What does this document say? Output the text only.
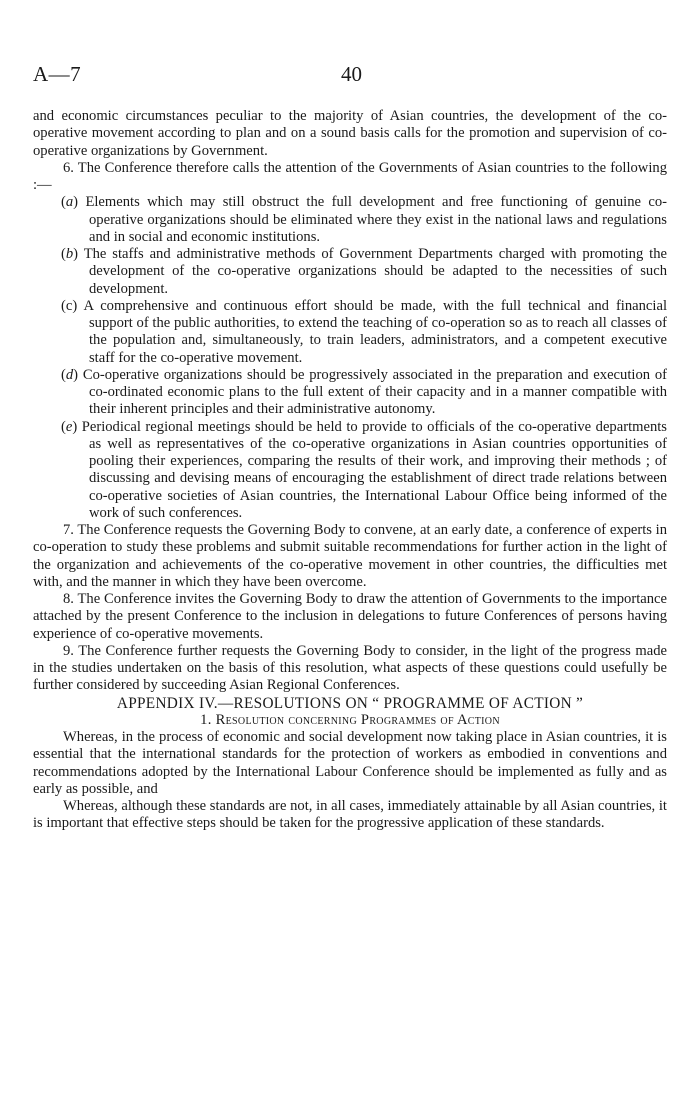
A—7	40

and economic circumstances peculiar to the majority of Asian countries, the development of the co-operative movement according to plan and on a sound basis calls for the promotion and supervision of co-operative organizations by Government.

6. The Conference therefore calls the attention of the Governments of Asian countries to the following :—

(a) Elements which may still obstruct the full development and free functioning of genuine co-operative organizations should be eliminated where they exist in the national laws and regulations and in social and economic institutions.

(b) The staffs and administrative methods of Government Departments charged with promoting the development of the co-operative organizations should be adapted to the necessities of such development.

(c) A comprehensive and continuous effort should be made, with the full technical and financial support of the public authorities, to extend the teaching of co-operation so as to reach all classes of the population and, simultaneously, to train leaders, administrators, and a competent executive staff for the co-operative movement.

(d) Co-operative organizations should be progressively associated in the preparation and execution of co-ordinated economic plans to the full extent of their capacity and in a manner compatible with their inherent principles and their administrative autonomy.

(e) Periodical regional meetings should be held to provide to officials of the co-operative departments as well as representatives of the co-operative organizations in Asian countries opportunities of pooling their experiences, comparing the results of their work, and improving their methods ; of discussing and devising means of encouraging the establishment of direct trade relations between co-operative societies of Asian countries, the International Labour Office being informed of the work of such conferences.

7. The Conference requests the Governing Body to convene, at an early date, a conference of experts in co-operation to study these problems and submit suitable recommendations for further action in the light of the organization and achievements of the co-operative movement in other countries, the difficulties met with, and the manner in which they have been overcome.

8. The Conference invites the Governing Body to draw the attention of Governments to the importance attached by the present Conference to the inclusion in delegations to future Conferences of persons having experience of co-operative movements.

9. The Conference further requests the Governing Body to consider, in the light of the progress made in the studies undertaken on the basis of this resolution, what aspects of these questions could usefully be further considered by succeeding Asian Regional Conferences.

APPENDIX IV.—RESOLUTIONS ON “ PROGRAMME OF ACTION ”

1. Resolution concerning Programmes of Action

Whereas, in the process of economic and social development now taking place in Asian countries, it is essential that the international standards for the protection of workers as embodied in conventions and recommendations adopted by the International Labour Conference should be implemented as fully and as early as possible, and

Whereas, although these standards are not, in all cases, immediately attainable by all Asian countries, it is important that effective steps should be taken for the progressive application of these standards.
